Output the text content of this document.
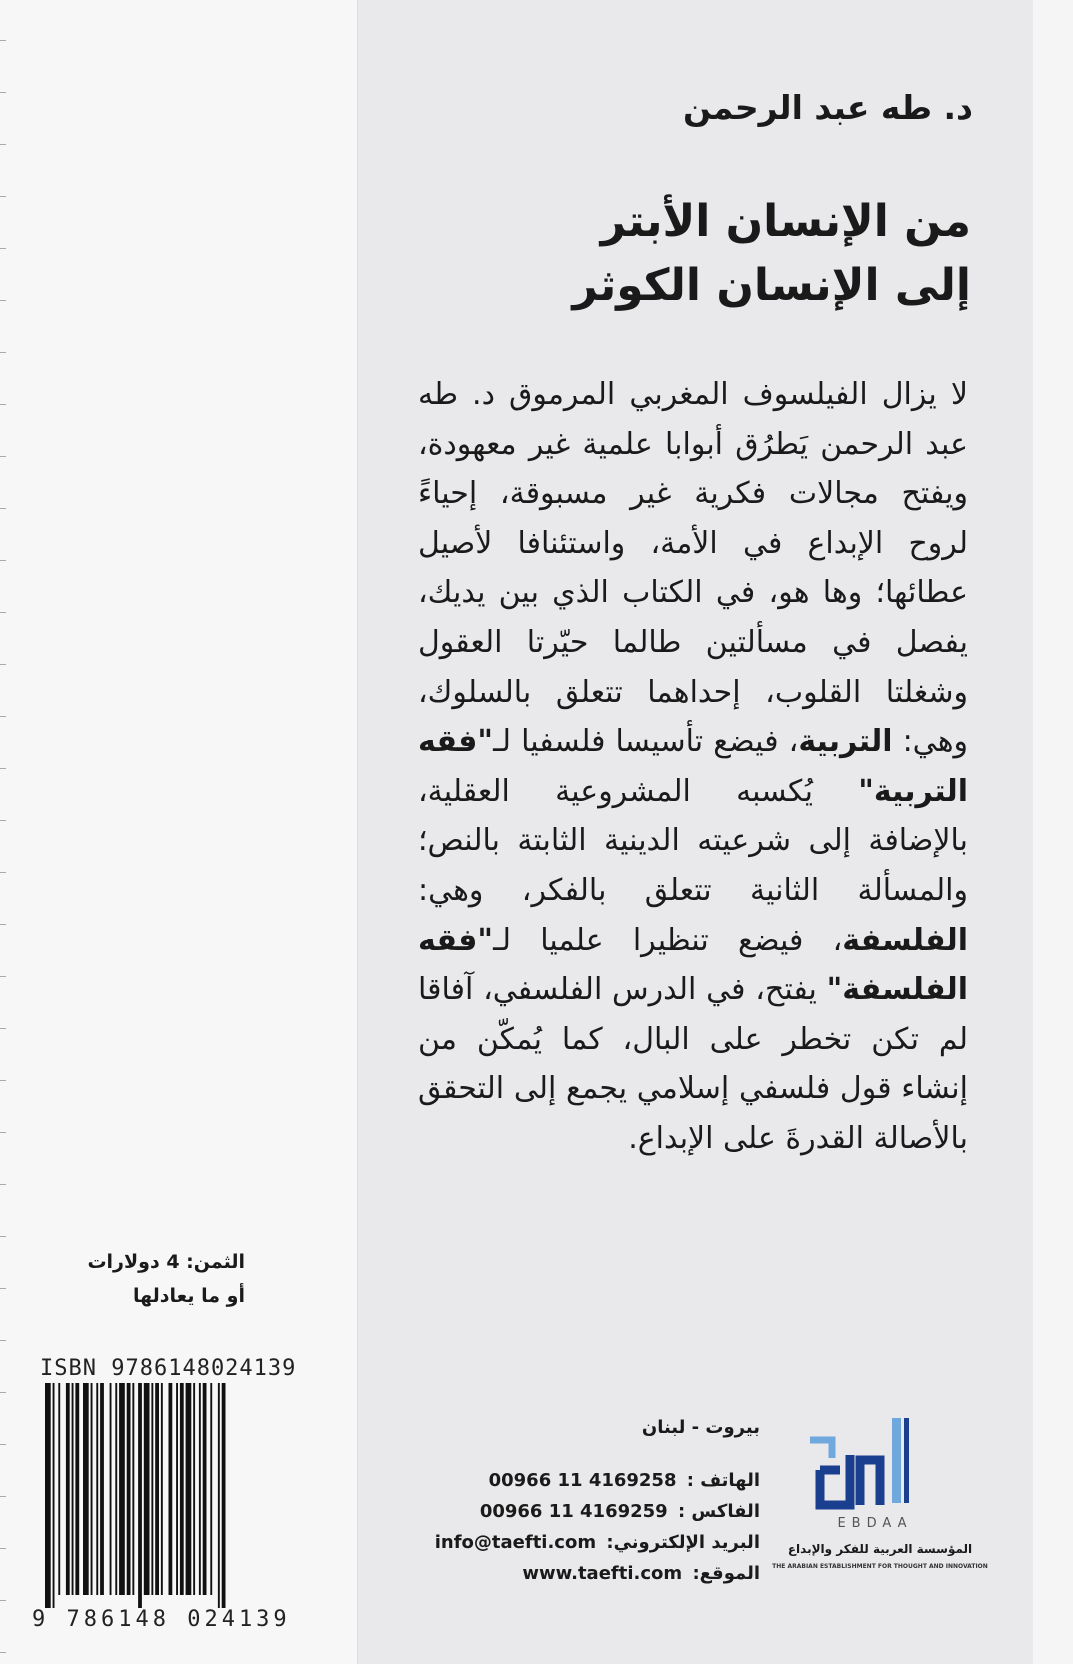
د. طه عبد الرحمن
من الإنسان الأبتر
إلى الإنسان الكوثر
لا يزال الفيلسوف المغربي المرموق د. طه عبد الرحمن يَطرُق أبوابا علمية غير معهودة، ويفتح مجالات فكرية غير مسبوقة، إحياءً لروح الإبداع في الأمة، واستئنافا لأصيل عطائها؛ وها هو، في الكتاب الذي بين يديك، يفصل في مسألتين طالما حيّرتا العقول وشغلتا القلوب، إحداهما تتعلق بالسلوك، وهي: التربية، فيضع تأسيسا فلسفيا لـ"فقه التربية" يُكسبه المشروعية العقلية، بالإضافة إلى شرعيته الدينية الثابتة بالنص؛ والمسألة الثانية تتعلق بالفكر، وهي: الفلسفة، فيضع تنظيرا علميا لـ"فقه الفلسفة" يفتح، في الدرس الفلسفي، آفاقا لم تكن تخطر على البال، كما يُمكّن من إنشاء قول فلسفي إسلامي يجمع إلى التحقق بالأصالة القدرةَ على الإبداع.
الثمن: 4 دولارات
أو ما يعادلها
ISBN 9786148024139
9 786148 024139
بيروت - لبنان
الهاتف : 00966 11 4169258
الفاكس : 00966 11 4169259
البريد الإلكتروني: info@taefti.com
الموقع: www.taefti.com
إبداع
EBDAA
المؤسسة العربية للفكر والإبداع
THE ARABIAN ESTABLISHMENT FOR THOUGHT AND INNOVATION
